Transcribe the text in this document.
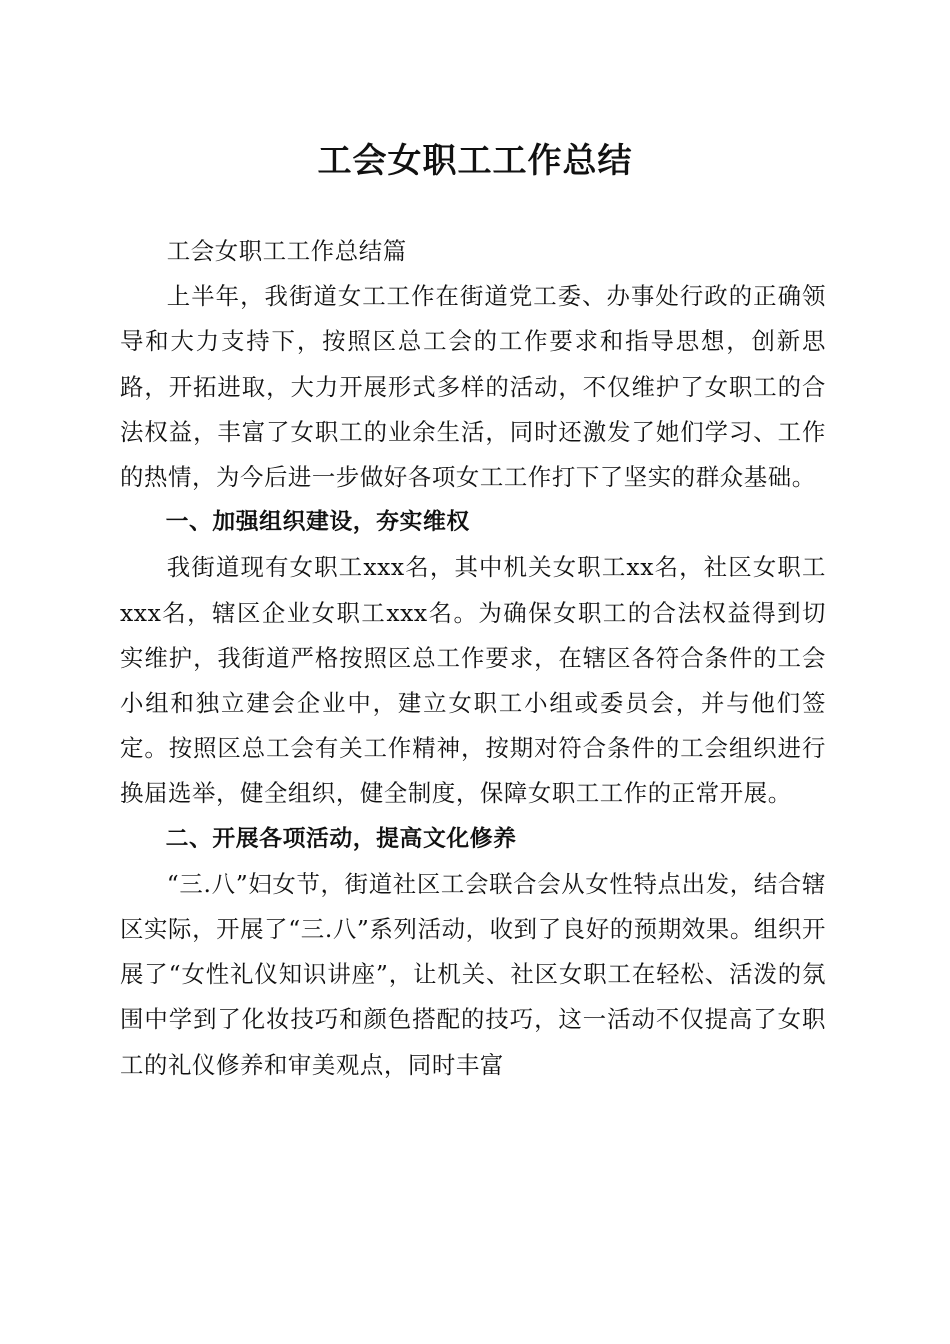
工会女职工工作总结

工会女职工工作总结篇

上半年，我街道女工工作在街道党工委、办事处行政的正确领导和大力支持下，按照区总工会的工作要求和指导思想，创新思路，开拓进取，大力开展形式多样的活动，不仅维护了女职工的合法权益，丰富了女职工的业余生活，同时还激发了她们学习、工作的热情，为今后进一步做好各项女工工作打下了坚实的群众基础。

一、加强组织建设，夯实维权

我街道现有女职工xxx名，其中机关女职工xx名，社区女职工xxx名，辖区企业女职工xxx名。为确保女职工的合法权益得到切实维护，我街道严格按照区总工作要求，在辖区各符合条件的工会小组和独立建会企业中，建立女职工小组或委员会，并与他们签定。按照区总工会有关工作精神，按期对符合条件的工会组织进行换届选举，健全组织，健全制度，保障女职工工作的正常开展。

二、开展各项活动，提高文化修养

“三.八”妇女节，街道社区工会联合会从女性特点出发，结合辖区实际，开展了“三.八”系列活动，收到了良好的预期效果。组织开展了“女性礼仪知识讲座”，让机关、社区女职工在轻松、活泼的氛围中学到了化妆技巧和颜色搭配的技巧，这一活动不仅提高了女职工的礼仪修养和审美观点，同时丰富
